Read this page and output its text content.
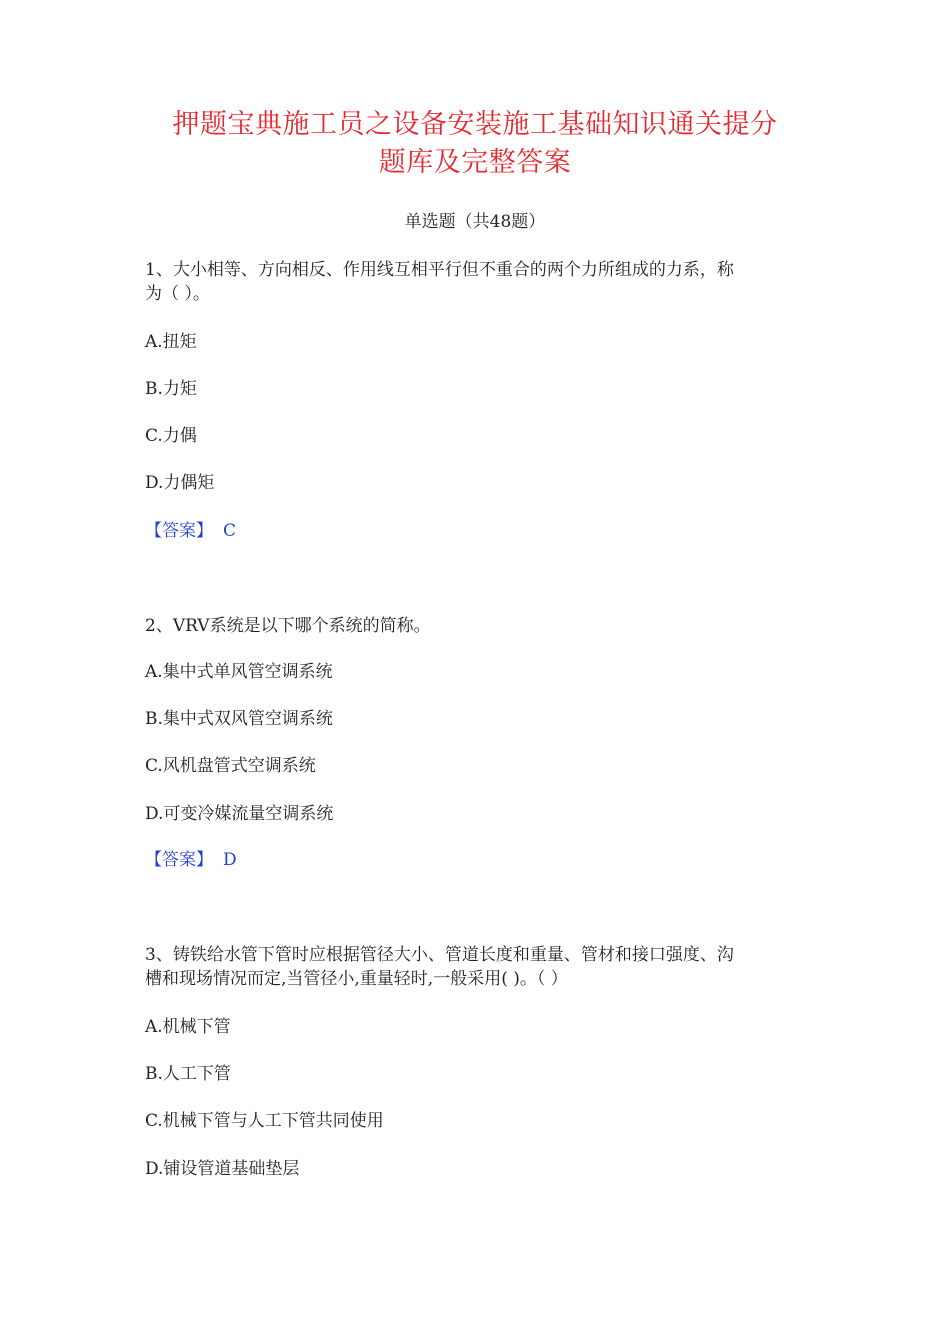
押题宝典施工员之设备安装施工基础知识通关提分
题库及完整答案
单选题（共48题）
1、大小相等、方向相反、作用线互相平行但不重合的两个力所组成的力系，称
为（ ）。
A.扭矩
B.力矩
C.力偶
D.力偶矩
【答案】 C
2、VRV系统是以下哪个系统的简称。
A.集中式单风管空调系统
B.集中式双风管空调系统
C.风机盘管式空调系统
D.可变冷媒流量空调系统
【答案】 D
3、铸铁给水管下管时应根据管径大小、管道长度和重量、管材和接口强度、沟
槽和现场情况而定,当管径小,重量轻时,一般采用( )。（ ）
A.机械下管
B.人工下管
C.机械下管与人工下管共同使用
D.铺设管道基础垫层
